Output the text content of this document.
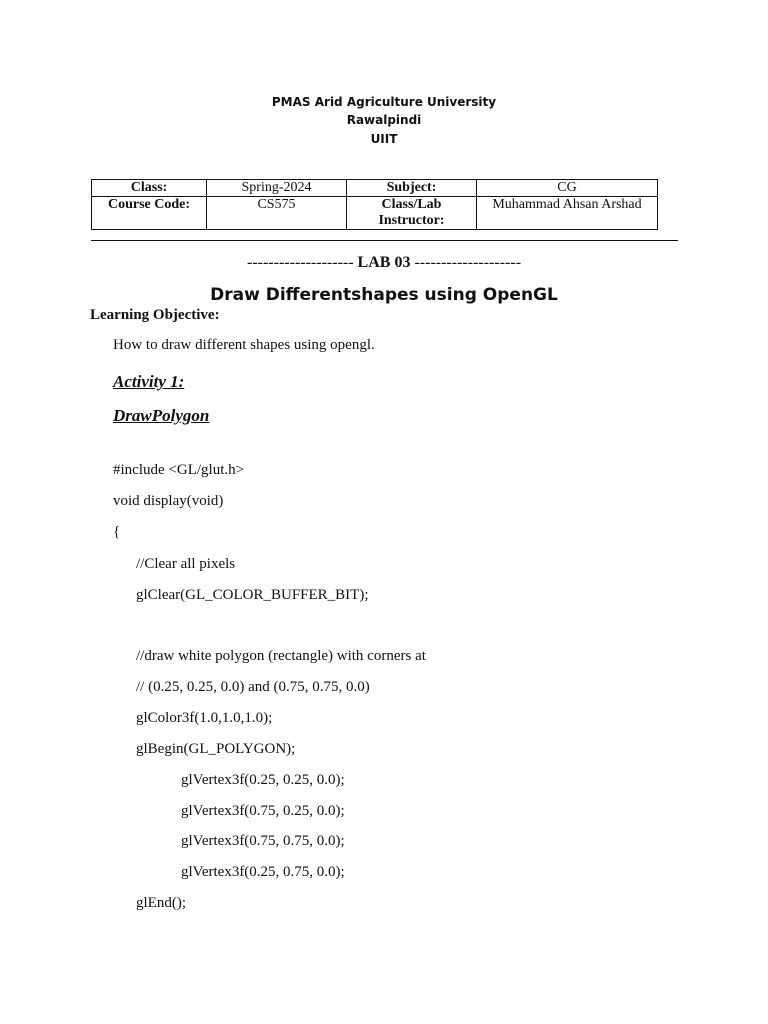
PMAS Arid Agriculture University
Rawalpindi
UIIT
Class:	Spring-2024	Subject:	CG
Course Code:	CS575	Class/Lab Instructor:	Muhammad Ahsan Arshad
-------------------- LAB 03 --------------------
Draw Differentshapes using OpenGL
Learning Objective:
How to draw different shapes using opengl.
Activity 1:
DrawPolygon
#include <GL/glut.h>
void display(void)
{
//Clear all pixels
glClear(GL_COLOR_BUFFER_BIT);
//draw white polygon (rectangle) with corners at
// (0.25, 0.25, 0.0) and (0.75, 0.75, 0.0)
glColor3f(1.0,1.0,1.0);
glBegin(GL_POLYGON);
glVertex3f(0.25, 0.25, 0.0);
glVertex3f(0.75, 0.25, 0.0);
glVertex3f(0.75, 0.75, 0.0);
glVertex3f(0.25, 0.75, 0.0);
glEnd();
